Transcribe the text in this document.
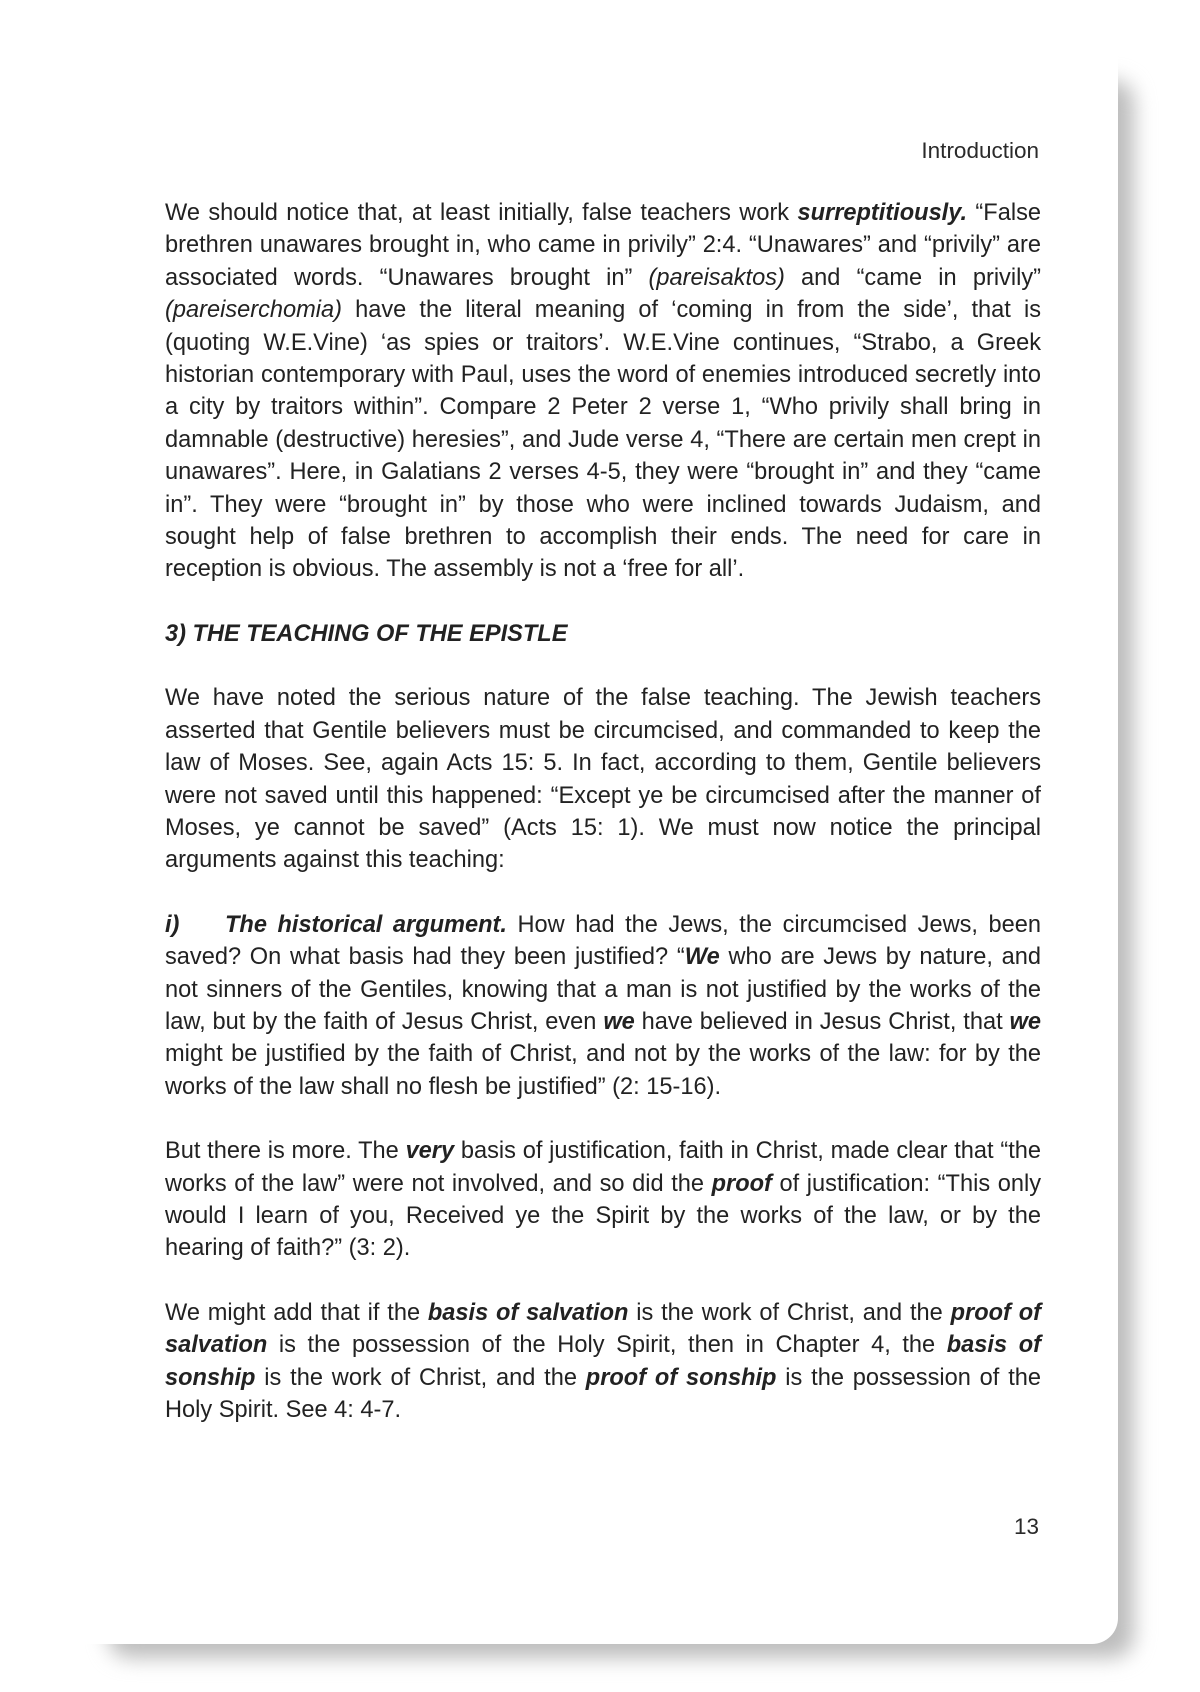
Introduction

We should notice that, at least initially, false teachers work surreptitiously. “False brethren unawares brought in, who came in privily” 2:4. “Unawares” and “privily” are associated words. “Unawares brought in” (pareisaktos) and “came in privily” (pareiserchomia) have the literal meaning of ‘coming in from the side’, that is (quoting W.E.Vine) ‘as spies or traitors’. W.E.Vine continues, “Strabo, a Greek historian contemporary with Paul, uses the word of enemies introduced secretly into a city by traitors within”. Compare 2 Peter 2 verse 1, “Who privily shall bring in damnable (destructive) heresies”, and Jude verse 4, “There are certain men crept in unawares”. Here, in Galatians 2 verses 4-5, they were “brought in” and they “came in”. They were “brought in” by those who were inclined towards Judaism, and sought help of false brethren to accomplish their ends. The need for care in reception is obvious. The assembly is not a ‘free for all’.

3) THE TEACHING OF THE EPISTLE

We have noted the serious nature of the false teaching. The Jewish teachers asserted that Gentile believers must be circumcised, and commanded to keep the law of Moses. See, again Acts 15: 5. In fact, according to them, Gentile believers were not saved until this happened: “Except ye be circumcised after the manner of Moses, ye cannot be saved” (Acts 15: 1). We must now notice the principal arguments against this teaching:

i) The historical argument. How had the Jews, the circumcised Jews, been saved? On what basis had they been justified? “We who are Jews by nature, and not sinners of the Gentiles, knowing that a man is not justified by the works of the law, but by the faith of Jesus Christ, even we have believed in Jesus Christ, that we might be justified by the faith of Christ, and not by the works of the law: for by the works of the law shall no flesh be justified” (2: 15-16).

But there is more. The very basis of justification, faith in Christ, made clear that “the works of the law” were not involved, and so did the proof of justification: “This only would I learn of you, Received ye the Spirit by the works of the law, or by the hearing of faith?” (3: 2).

We might add that if the basis of salvation is the work of Christ, and the proof of salvation is the possession of the Holy Spirit, then in Chapter 4, the basis of sonship is the work of Christ, and the proof of sonship is the possession of the Holy Spirit. See 4: 4-7.

13
